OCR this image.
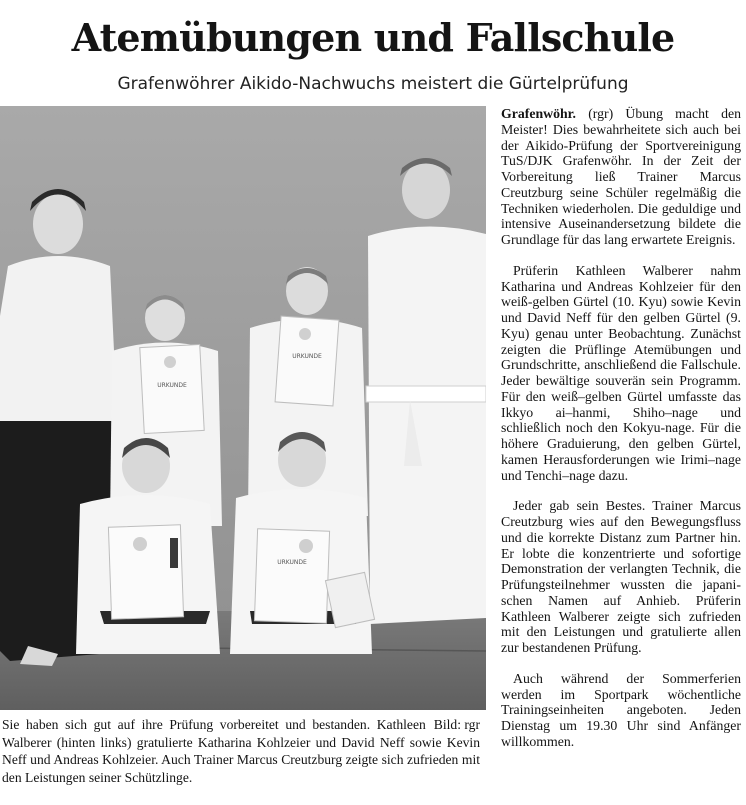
Atemübungen und Fallschule
Grafenwöhrer Aikido-Nachwuchs meistert die Gürtelprüfung
URKUNDE
URKUNDE
URKUNDE
Bild: rgr
Sie haben sich gut auf ihre Prüfung vorbereitet und bestanden. Kathleen Walberer (hinten links) gratulierte Katharina Kohlzeier und David Neff sowie Kevin Neff und Andreas Kohlzeier. Auch Trainer Marcus Creutzburg zeigte sich zufrieden mit den Leistungen seiner Schützlinge.

Grafenwöhr. (rgr) Übung macht den Meister! Dies bewahrheitete sich auch bei der Aikido-Prüfung der Sportvereinigung TuS/DJK Grafenwöhr. In der Zeit der Vorbereitung ließ Trainer Marcus Creutzburg seine Schüler regelmäßig die Techniken wiederholen. Die geduldige und intensive Auseinandersetzung bildete die Grundlage für das lang erwartete Ereignis.

Prüferin Kathleen Walberer nahm Katharina und Andreas Kohlzeier für den weiß-gelben Gürtel (10. Kyu) sowie Kevin und David Neff für den gelben Gürtel (9. Kyu) genau unter Beobachtung. Zunächst zeigten die Prüflinge Atemübungen und Grundschritte, anschließend die Fallschule. Jeder bewältige souverän sein Programm. Für den weiß–gelben Gürtel umfasste das Ikkyo ai–hanmi, Shiho–nage und schließlich noch den Kokyu-nage. Für die höhere Graduierung, den gelben Gürtel, kamen Herausforderungen wie Irimi–nage und Tenchi–nage dazu.

Jeder gab sein Bestes. Trainer Marcus Creutzburg wies auf den Bewegungsfluss und die korrekte Distanz zum Partner hin. Er lobte die konzentrierte und sofortige Demonstration der verlangten Technik, die Prüfungsteilnehmer wussten die japanischen Namen auf Anhieb. Prüferin Kathleen Walberer zeigte sich zufrieden mit den Leistungen und gratulierte allen zur bestandenen Prüfung.

Auch während der Sommerferien werden im Sportpark wöchentliche Trainingseinheiten angeboten. Jeden Dienstag um 19.30 Uhr sind Anfänger willkommen.
